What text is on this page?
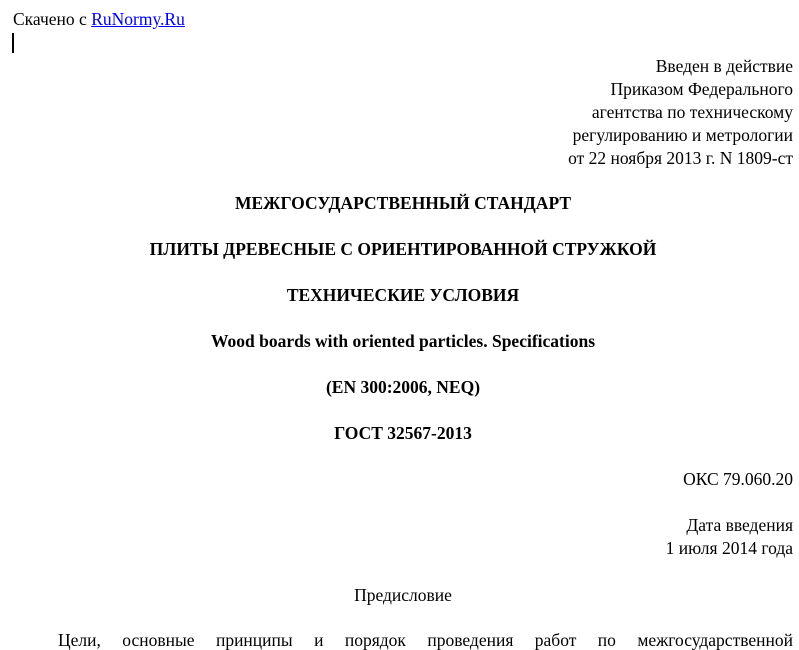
Скачено с RuNormy.Ru
Введен в действие
Приказом Федерального
агентства по техническому
регулированию и метрологии
от 22 ноября 2013 г. N 1809-ст
МЕЖГОСУДАРСТВЕННЫЙ СТАНДАРТ
ПЛИТЫ ДРЕВЕСНЫЕ С ОРИЕНТИРОВАННОЙ СТРУЖКОЙ
ТЕХНИЧЕСКИЕ УСЛОВИЯ
Wood boards with oriented particles. Specifications
(EN 300:2006, NEQ)
ГОСТ 32567-2013
ОКС 79.060.20
Дата введения
1 июля 2014 года
Предисловие
Цели, основные принципы и порядок проведения работ по межгосударственной
